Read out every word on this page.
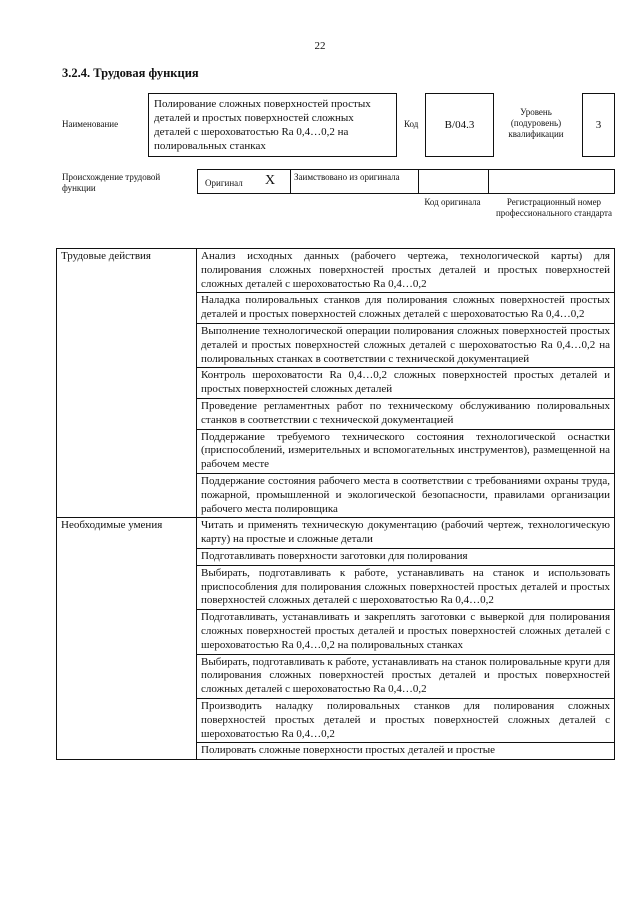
22
3.2.4. Трудовая функция
Наименование
Полирование сложных поверхностей простых деталей и простых поверхностей сложных деталей с шероховатостью Ra 0,4…0,2 на полировальных станках
Код B/04.3
Уровень (подуровень) квалификации
3
Происхождение трудовой функции	Оригинал X Заимствовано из оригинала
Код оригинала	Регистрационный номер профессионального стандарта
Трудовые действия	Анализ исходных данных (рабочего чертежа, технологической карты) для полирования сложных поверхностей простых деталей и простых поверхностей сложных деталей с шероховатостью Ra 0,4…0,2
	Наладка полировальных станков для полирования сложных поверхностей простых деталей и простых поверхностей сложных деталей с шероховатостью Ra 0,4…0,2
	Выполнение технологической операции полирования сложных поверхностей простых деталей и простых поверхностей сложных деталей с шероховатостью Ra 0,4…0,2 на полировальных станках в соответствии с технической документацией
	Контроль шероховатости Ra 0,4…0,2 сложных поверхностей простых деталей и простых поверхностей сложных деталей
	Проведение регламентных работ по техническому обслуживанию полировальных станков в соответствии с технической документацией
	Поддержание требуемого технического состояния технологической оснастки (приспособлений, измерительных и вспомогательных инструментов), размещенной на рабочем месте
	Поддержание состояния рабочего места в соответствии с требованиями охраны труда, пожарной, промышленной и экологической безопасности, правилами организации рабочего места полировщика
Необходимые умения	Читать и применять техническую документацию (рабочий чертеж, технологическую карту) на простые и сложные детали
	Подготавливать поверхности заготовки для полирования
	Выбирать, подготавливать к работе, устанавливать на станок и использовать приспособления для полирования сложных поверхностей простых деталей и простых поверхностей сложных деталей с шероховатостью Ra 0,4…0,2
	Подготавливать, устанавливать и закреплять заготовки с выверкой для полирования сложных поверхностей простых деталей и простых поверхностей сложных деталей с шероховатостью Ra 0,4…0,2 на полировальных станках
	Выбирать, подготавливать к работе, устанавливать на станок полировальные круги для полирования сложных поверхностей простых деталей и простых поверхностей сложных деталей с шероховатостью Ra 0,4…0,2
	Производить наладку полировальных станков для полирования сложных поверхностей простых деталей и простых поверхностей сложных деталей с шероховатостью Ra 0,4…0,2
	Полировать сложные поверхности простых деталей и простые
